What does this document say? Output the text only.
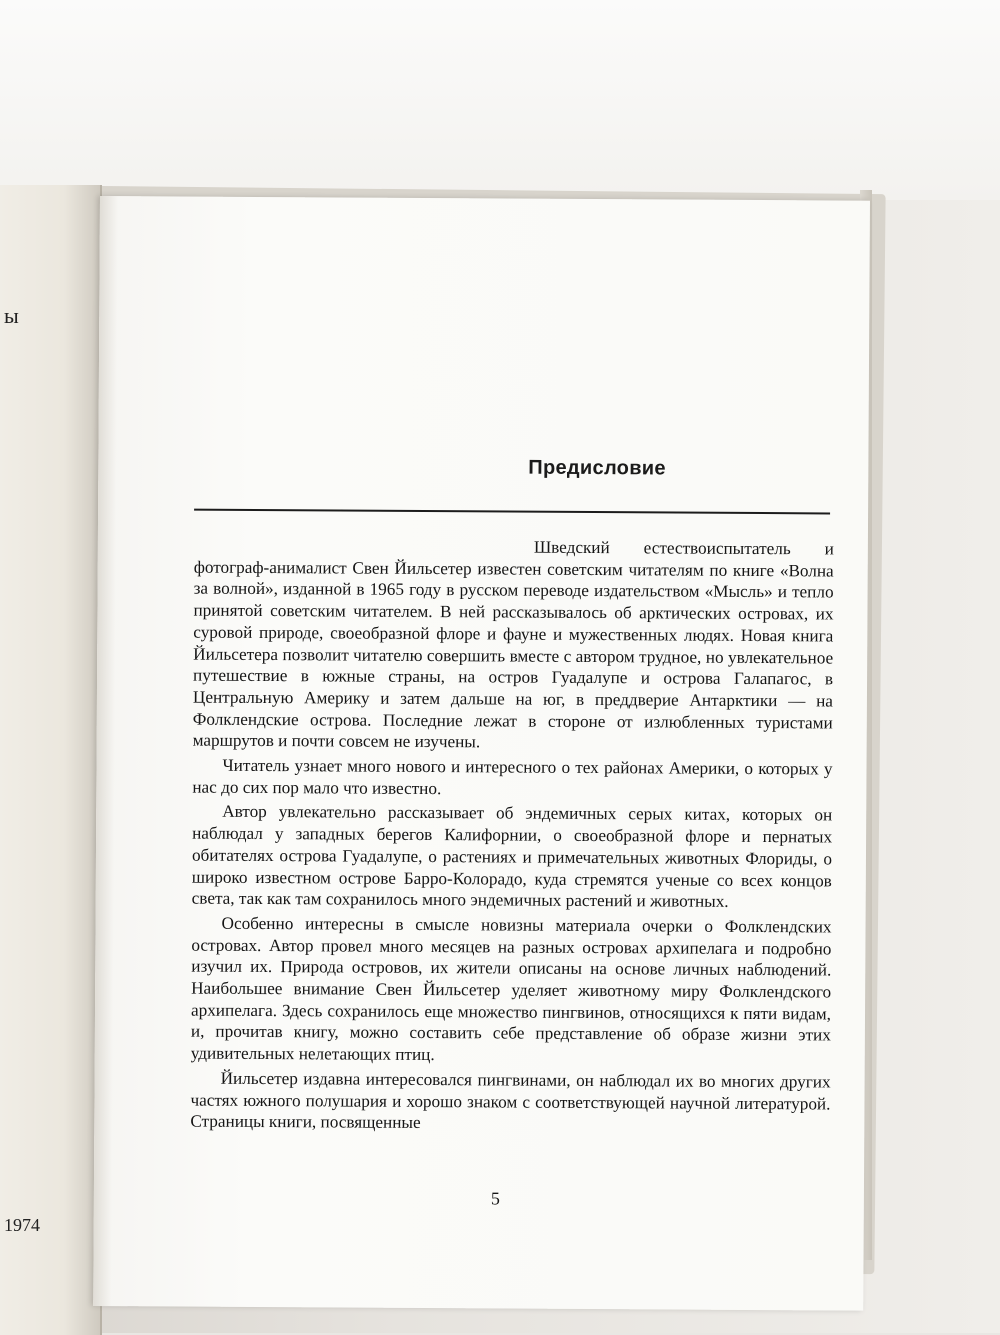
ы
1974
Предисловие

Шведский естествоиспытатель и фотограф-анималист Свен Йильсетер известен советским читателям по книге «Волна за волной», изданной в 1965 году в русском переводе издательством «Мысль» и тепло принятой советским читателем. В ней рассказывалось об арктических островах, их суровой природе, своеобразной флоре и фауне и мужественных людях. Новая книга Йильсетера позволит читателю совершить вместе с автором трудное, но увлекательное путешествие в южные страны, на остров Гуадалупе и острова Галапагос, в Центральную Америку и затем дальше на юг, в преддверие Антарктики — на Фолклендские острова. Последние лежат в стороне от излюбленных туристами маршрутов и почти совсем не изучены.

Читатель узнает много нового и интересного о тех районах Америки, о которых у нас до сих пор мало что известно.

Автор увлекательно рассказывает об эндемичных серых китах, которых он наблюдал у западных берегов Калифорнии, о своеобразной флоре и пернатых обитателях острова Гуадалупе, о растениях и примечательных животных Флориды, о широко известном острове Барро-Колорадо, куда стремятся ученые со всех концов света, так как там сохранилось много эндемичных растений и животных.

Особенно интересны в смысле новизны материала очерки о Фолклендских островах. Автор провел много месяцев на разных островах архипелага и подробно изучил их. Природа островов, их жители описаны на основе личных наблюдений. Наибольшее внимание Свен Йильсетер уделяет животному миру Фолклендского архипелага. Здесь сохранилось еще множество пингвинов, относящихся к пяти видам, и, прочитав книгу, можно составить себе представление об образе жизни этих удивительных нелетающих птиц.

Йильсетер издавна интересовался пингвинами, он наблюдал их во многих других частях южного полушария и хорошо знаком с соответствующей научной литературой. Страницы книги, посвященные

5
